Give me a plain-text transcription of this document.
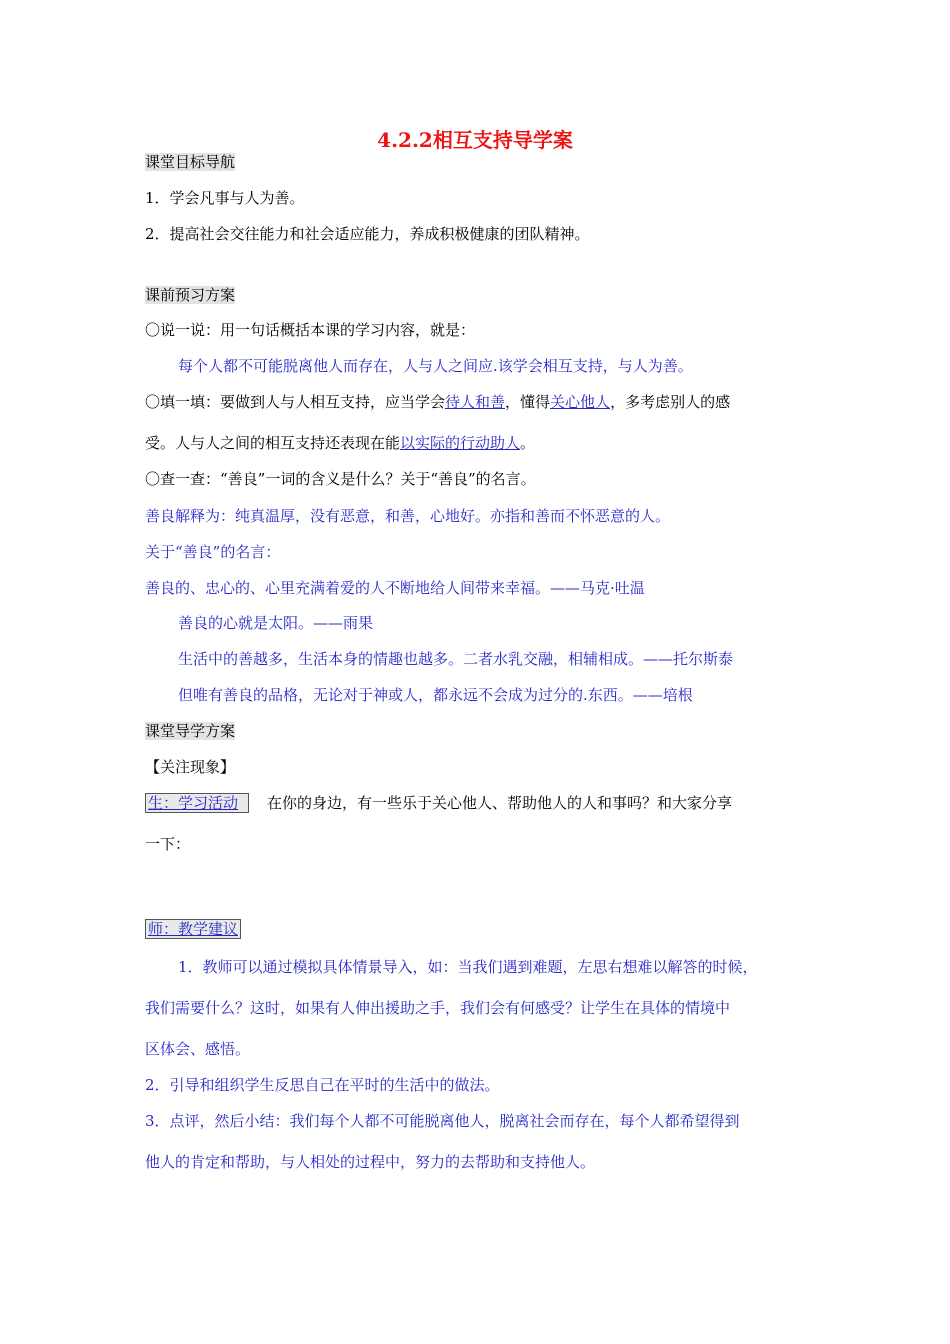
4.2.2相互支持导学案
课堂目标导航
1．学会凡事与人为善。
2．提高社会交往能力和社会适应能力，养成积极健康的团队精神。
课前预习方案
〇说一说：用一句话概括本课的学习内容，就是：
每个人都不可能脱离他人而存在，人与人之间应.该学会相互支持，与人为善。
〇填一填：要做到人与人相互支持，应当学会待人和善，懂得关心他人，多考虑别人的感
受。人与人之间的相互支持还表现在能以实际的行动助人。
〇查一查：“善良”一词的含义是什么？关于“善良”的名言。
善良解释为：纯真温厚，没有恶意，和善，心地好。亦指和善而不怀恶意的人。
关于“善良”的名言：
善良的、忠心的、心里充满着爱的人不断地给人间带来幸福。——马克·吐温
善良的心就是太阳。——雨果
生活中的善越多，生活本身的情趣也越多。二者水乳交融，相辅相成。——托尔斯泰
但唯有善良的品格，无论对于神或人，都永远不会成为过分的.东西。——培根
课堂导学方案
【关注现象】
生：学习活动 在你的身边，有一些乐于关心他人、帮助他人的人和事吗？和大家分享
一下：
师：教学建议
1．教师可以通过模拟具体情景导入，如：当我们遇到难题，左思右想难以解答的时候，
我们需要什么？这时，如果有人伸出援助之手，我们会有何感受？让学生在具体的情境中
区体会、感悟。
2．引导和组织学生反思自己在平时的生活中的做法。
3．点评，然后小结：我们每个人都不可能脱离他人，脱离社会而存在，每个人都希望得到
他人的肯定和帮助，与人相处的过程中，努力的去帮助和支持他人。
